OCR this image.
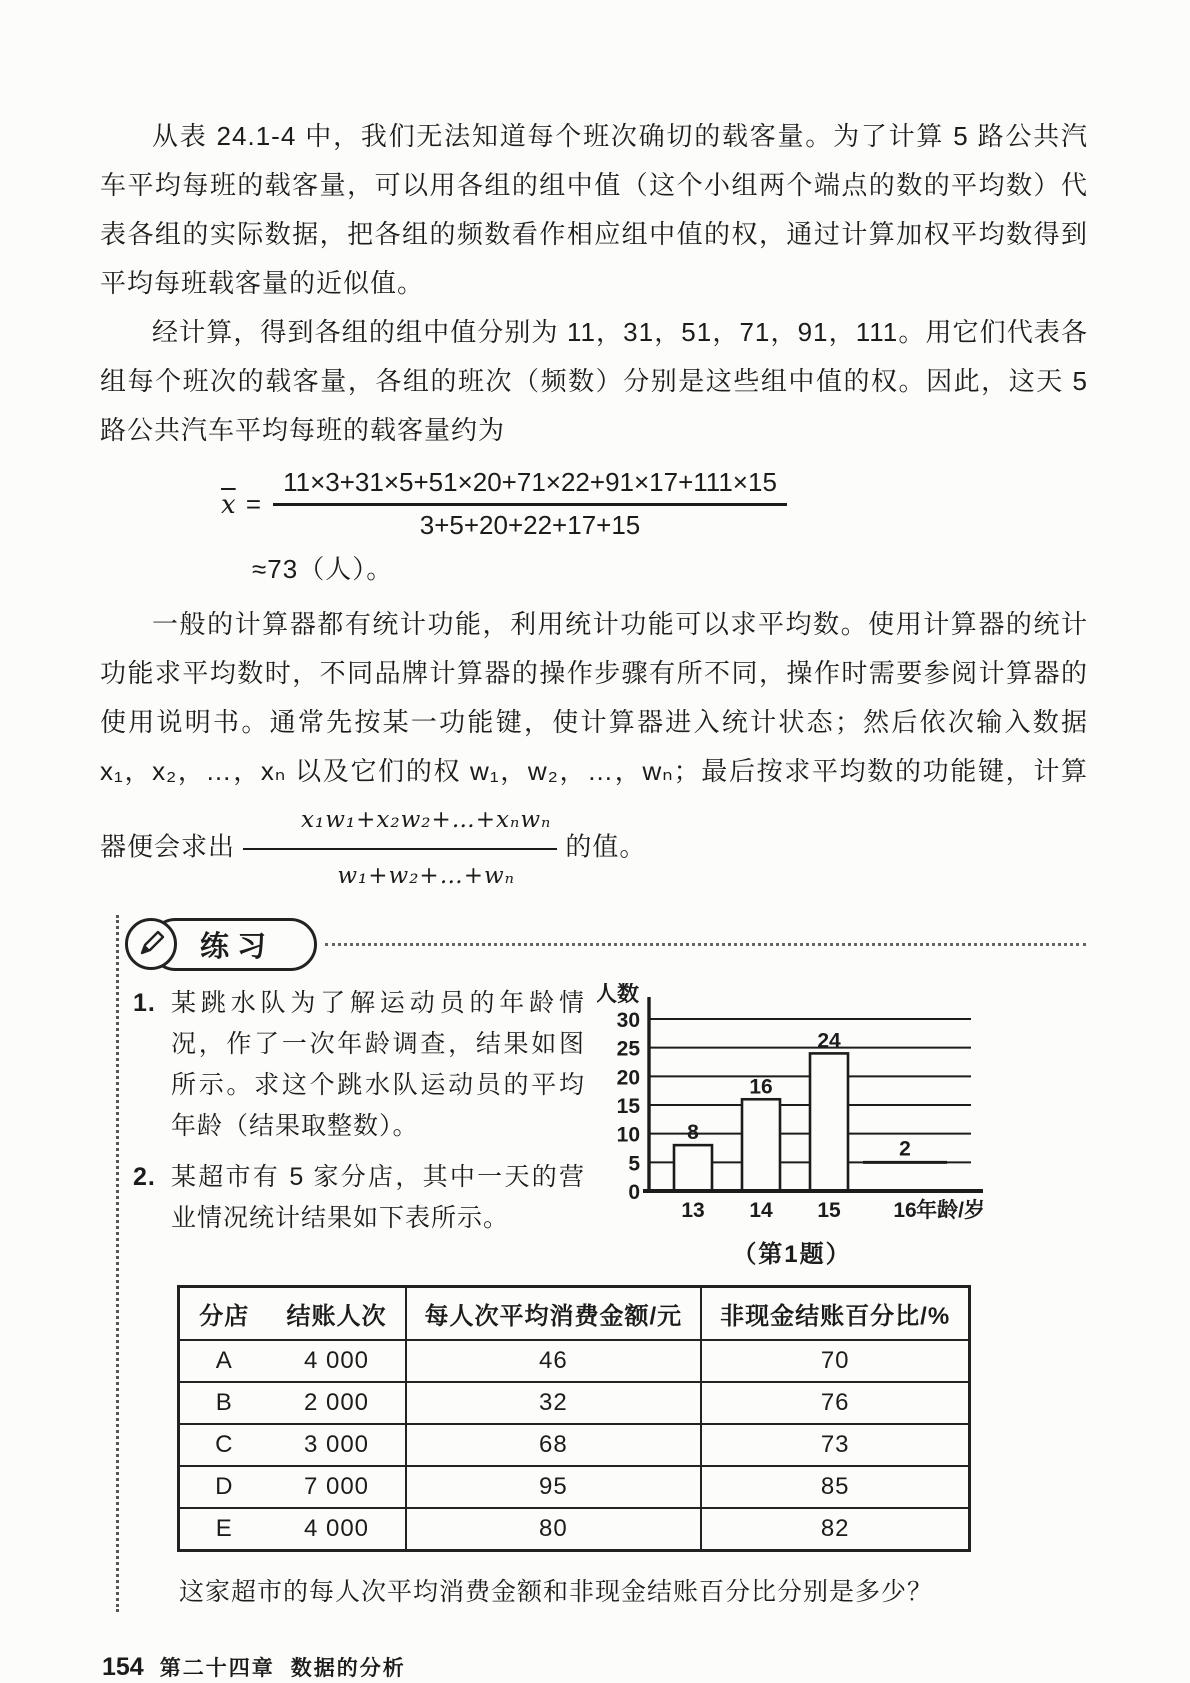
从表 24.1-4 中，我们无法知道每个班次确切的载客量。为了计算 5 路公共汽车平均每班的载客量，可以用各组的组中值（这个小组两个端点的数的平均数）代表各组的实际数据，把各组的频数看作相应组中值的权，通过计算加权平均数得到平均每班载客量的近似值。

经计算，得到各组的组中值分别为 11，31，51，71，91，111。用它们代表各组每个班次的载客量，各组的班次（频数）分别是这些组中值的权。因此，这天 5 路公共汽车平均每班的载客量约为

$\overline{x} = \frac{11\times 3+31\times 5+51\times 20+71\times 22+91\times 17+111\times 15}{3+5+20+22+17+15}$
≈73（人）。

一般的计算器都有统计功能，利用统计功能可以求平均数。使用计算器的统计功能求平均数时，不同品牌计算器的操作步骤有所不同，操作时需要参阅计算器的使用说明书。通常先按某一功能键，使计算器进入统计状态；然后依次输入数据 x₁，x₂，…，xₙ 以及它们的权 w₁，w₂，…，wₙ；最后按求平均数的功能键，计算器便会求出 $\frac{\text{x₁w₁+x₂w₂+…+xₙwₙ}}{\text{w₁+w₂+…+wₙ}}$ 的值。

练习
1. 某跳水队为了解运动员的年龄情况，作了一次年龄调查，结果如图所示。求这个跳水队运动员的平均年龄（结果取整数）。
2. 某超市有 5 家分店，其中一天的营业情况统计结果如下表所示。
0
5
10
15
20
25
30
8
13
16
14
24
15
2
16
人数
年龄/岁
（第1题）
分店	结账人次	每人次平均消费金额/元	非现金结账百分比/%
A	4 000	46	70
B	2 000	32	76
C	3 000	68	73
D	7 000	95	85
E	4 000	80	82

这家超市的每人次平均消费金额和非现金结账百分比分别是多少？

154 第二十四章 数据的分析
